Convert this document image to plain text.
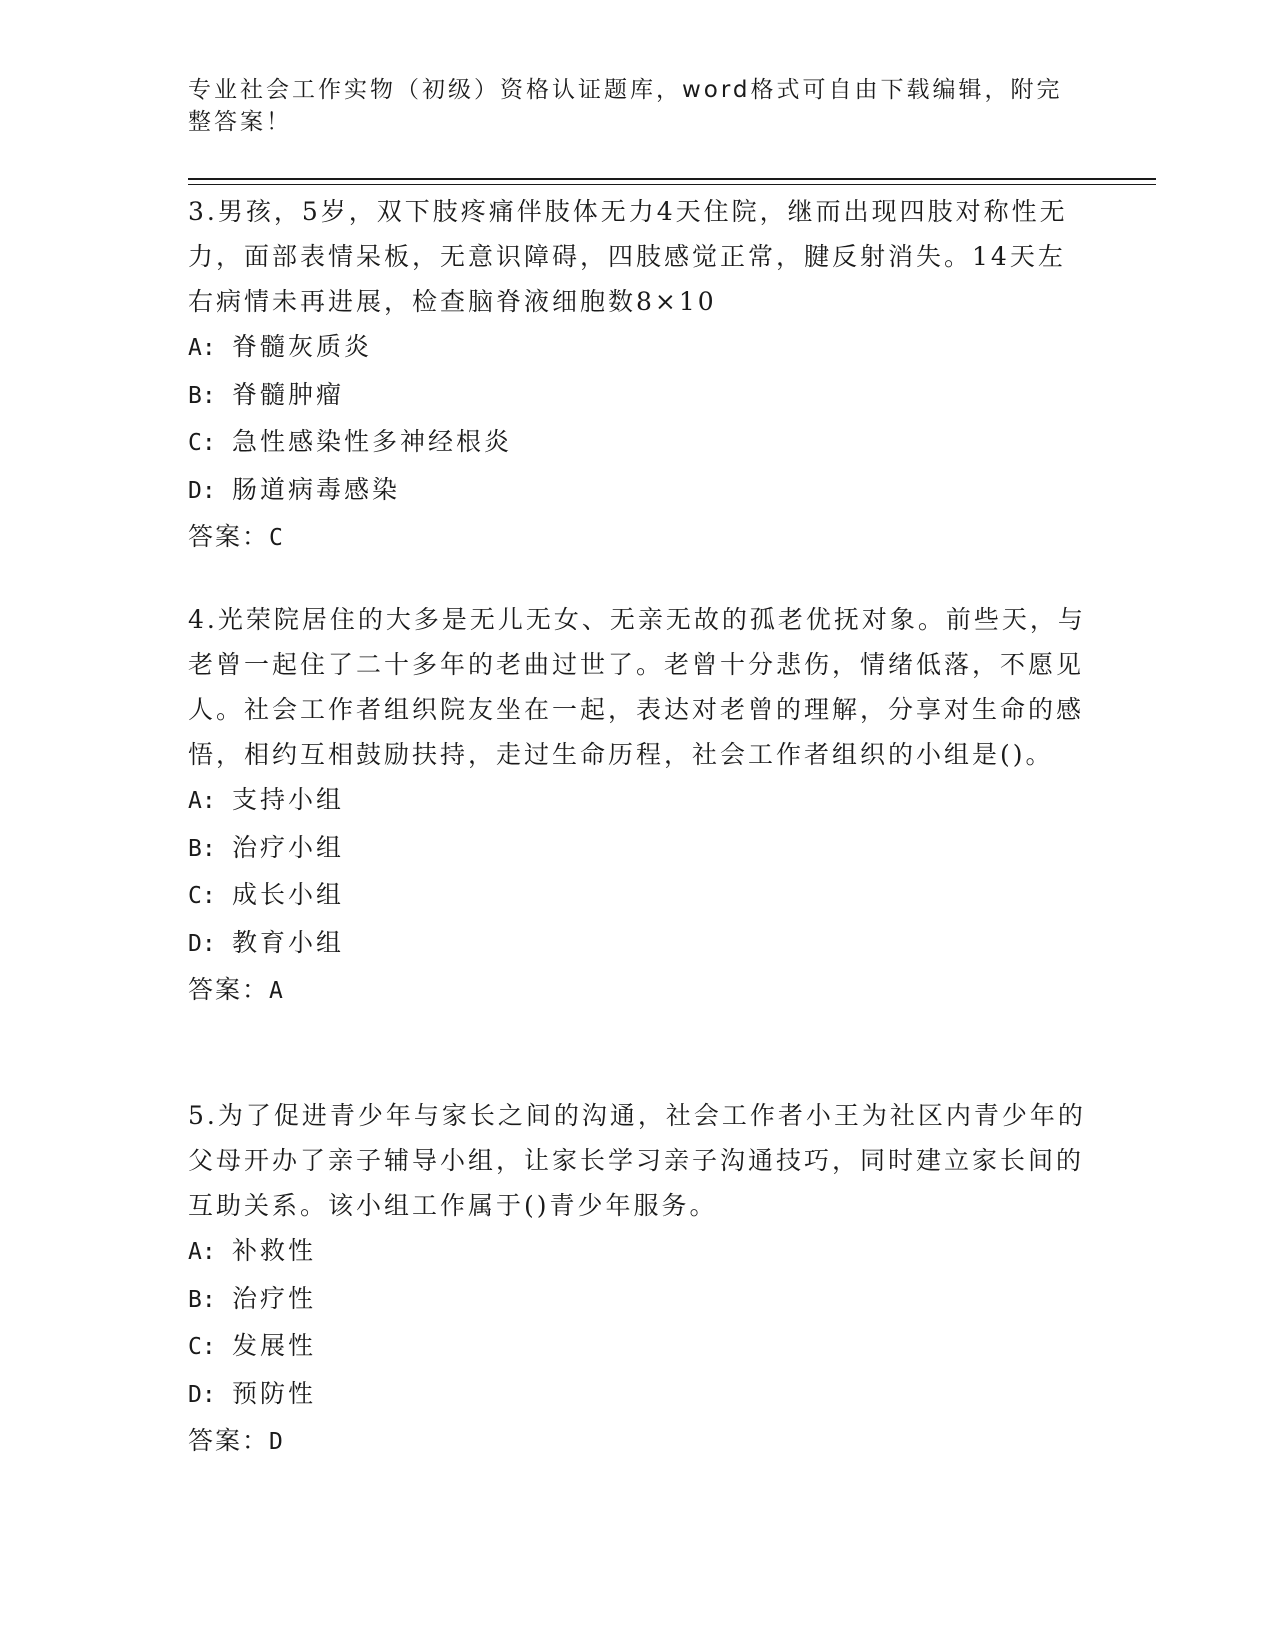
专业社会工作实物（初级）资格认证题库，word格式可自由下载编辑，附完整答案！

3.男孩，5岁，双下肢疼痛伴肢体无力4天住院，继而出现四肢对称性无力，面部表情呆板，无意识障碍，四肢感觉正常，腱反射消失。14天左右病情未再进展，检查脑脊液细胞数8×10

A: 脊髓灰质炎

B: 脊髓肿瘤

C: 急性感染性多神经根炎

D: 肠道病毒感染

答案：C

4.光荣院居住的大多是无儿无女、无亲无故的孤老优抚对象。前些天，与老曾一起住了二十多年的老曲过世了。老曾十分悲伤，情绪低落，不愿见人。社会工作者组织院友坐在一起，表达对老曾的理解，分享对生命的感悟，相约互相鼓励扶持，走过生命历程，社会工作者组织的小组是()。

A: 支持小组

B: 治疗小组

C: 成长小组

D: 教育小组

答案：A

5.为了促进青少年与家长之间的沟通，社会工作者小王为社区内青少年的父母开办了亲子辅导小组，让家长学习亲子沟通技巧，同时建立家长间的互助关系。该小组工作属于()青少年服务。

A: 补救性

B: 治疗性

C: 发展性

D: 预防性

答案：D
